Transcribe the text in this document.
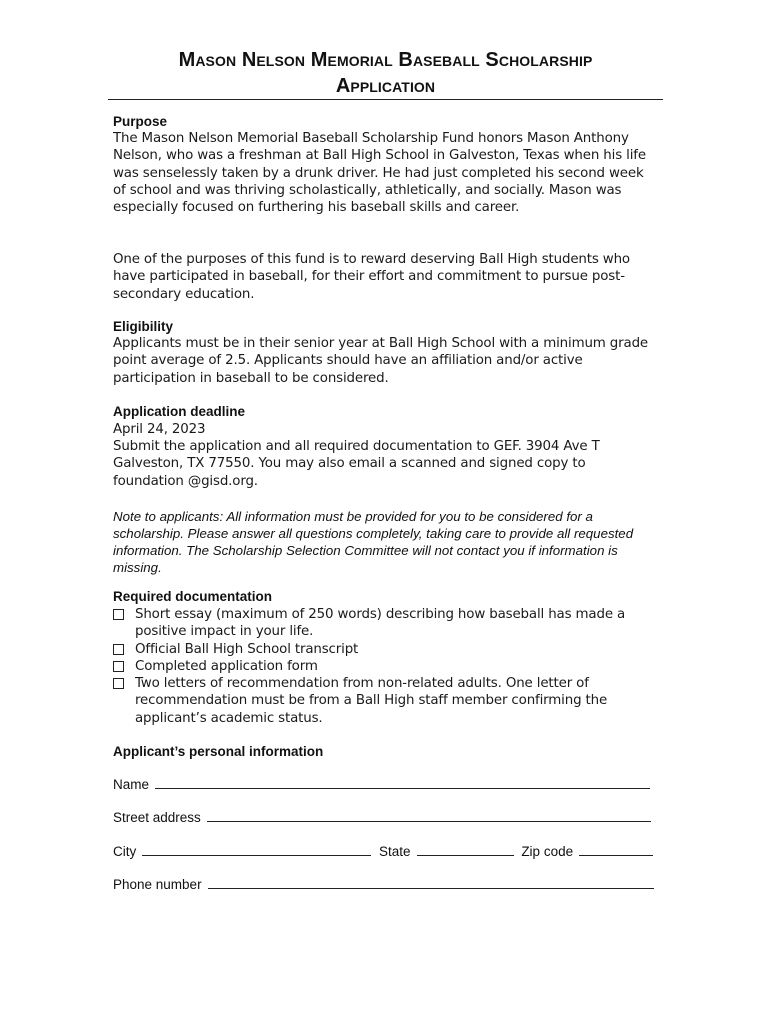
Mason Nelson Memorial Baseball Scholarship
Application
Purpose
The Mason Nelson Memorial Baseball Scholarship Fund honors Mason Anthony Nelson, who was a freshman at Ball High School in Galveston, Texas when his life was senselessly taken by a drunk driver. He had just completed his second week of school and was thriving scholastically, athletically, and socially. Mason was especially focused on furthering his baseball skills and career.
One of the purposes of this fund is to reward deserving Ball High students who have participated in baseball, for their effort and commitment to pursue post-secondary education.
Eligibility
Applicants must be in their senior year at Ball High School with a minimum grade point average of 2.5. Applicants should have an affiliation and/or active participation in baseball to be considered.
Application deadline
April 24, 2023
Submit the application and all required documentation to GEF. 3904 Ave T Galveston, TX 77550. You may also email a scanned and signed copy to foundation @gisd.org.
Note to applicants: All information must be provided for you to be considered for a scholarship. Please answer all questions completely, taking care to provide all requested information. The Scholarship Selection Committee will not contact you if information is missing.
Required documentation
Short essay (maximum of 250 words) describing how baseball has made a positive impact in your life.
Official Ball High School transcript
Completed application form
Two letters of recommendation from non-related adults. One letter of recommendation must be from a Ball High staff member confirming the applicant’s academic status.
Applicant’s personal information
Name
Street address
City	State	Zip code
Phone number
